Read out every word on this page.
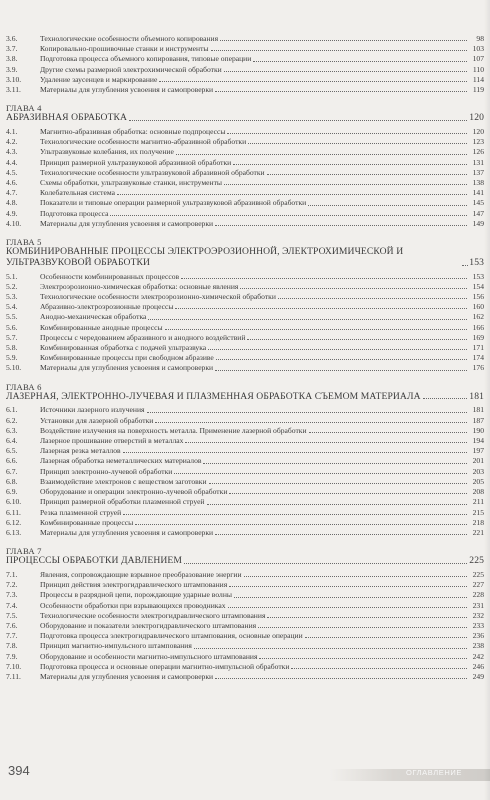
3.6.	Технологические особенности объемного копирования	98
3.7.	Копировально-прошивочные станки и инструменты	103
3.8.	Подготовка процесса объемного копирования, типовые операции	107
3.9.	Другие схемы размерной электрохимической обработки	110
3.10.	Удаление заусенцев и маркирование	114
3.11.	Материалы для углубления усвоения и самопроверки	119
ГЛАВА 4
АБРАЗИВНАЯ ОБРАБОТКА	120
4.1.	Магнитно-абразивная обработка: основные подпроцессы	120
4.2.	Технологические особенности магнитно-абразивной обработки	123
4.3.	Ультразвуковые колебания, их получение	126
4.4.	Принцип размерной ультразвуковой абразивной обработки	131
4.5.	Технологические особенности ультразвуковой абразивной обработки	137
4.6.	Схемы обработки, ультразвуковые станки, инструменты	138
4.7.	Колебательная система	141
4.8.	Показатели и типовые операции размерной ультразвуковой абразивной обработки	145
4.9.	Подготовка процесса	147
4.10.	Материалы для углубления усвоения и самопроверки	149
ГЛАВА 5
КОМБИНИРОВАННЫЕ ПРОЦЕССЫ ЭЛЕКТРОЭРОЗИОННОЙ, ЭЛЕКТРОХИМИЧЕСКОЙ И УЛЬТРАЗВУКОВОЙ ОБРАБОТКИ	153
5.1.	Особенности комбинированных процессов	153
5.2.	Электроэрозионно-химическая обработка: основные явления	154
5.3.	Технологические особенности электроэрозионно-химической обработки	156
5.4.	Абразивно-электроэрозионные процессы	160
5.5.	Анодно-механическая обработка	162
5.6.	Комбинированные анодные процессы	166
5.7.	Процессы с чередованием абразивного и анодного воздействий	169
5.8.	Комбинированная обработка с подачей ультразвука	171
5.9.	Комбинированные процессы при свободном абразиве	174
5.10.	Материалы для углубления усвоения и самопроверки	176
ГЛАВА 6
ЛАЗЕРНАЯ, ЭЛЕКТРОННО-ЛУЧЕВАЯ И ПЛАЗМЕННАЯ ОБРАБОТКА СЪЕМОМ МАТЕРИАЛА	181
6.1.	Источники лазерного излучения	181
6.2.	Установки для лазерной обработки	187
6.3.	Воздействие излучения на поверхность металла. Применение лазерной обработки	190
6.4.	Лазерное прошивание отверстий в металлах	194
6.5.	Лазерная резка металлов	197
6.6.	Лазерная обработка неметаллических материалов	201
6.7.	Принцип электронно-лучевой обработки	203
6.8.	Взаимодействие электронов с веществом заготовки	205
6.9.	Оборудование и операции электронно-лучевой обработки	208
6.10.	Принцип размерной обработки плазменной струей	211
6.11.	Резка плазменной струей	215
6.12.	Комбинированные процессы	218
6.13.	Материалы для углубления усвоения и самопроверки	221
ГЛАВА 7
ПРОЦЕССЫ ОБРАБОТКИ ДАВЛЕНИЕМ	225
7.1.	Явления, сопровождающие взрывное преобразование энергии	225
7.2.	Принцип действия электрогидравлического штампования	227
7.3.	Процессы в разрядной цепи, порождающие ударные волны	228
7.4.	Особенности обработки при взрывающихся проводниках	231
7.5.	Технологические особенности электрогидравлического штампования	232
7.6.	Оборудование и показатели электрогидравлического штампования	233
7.7.	Подготовка процесса электрогидравлического штампования, основные операции	236
7.8.	Принцип магнитно-импульсного штампования	238
7.9.	Оборудование и особенности магнитно-импульсного штампования	242
7.10.	Подготовка процесса и основные операции магнитно-импульсной обработки	246
7.11.	Материалы для углубления усвоения и самопроверки	249
394	ОГЛАВЛЕНИЕ
